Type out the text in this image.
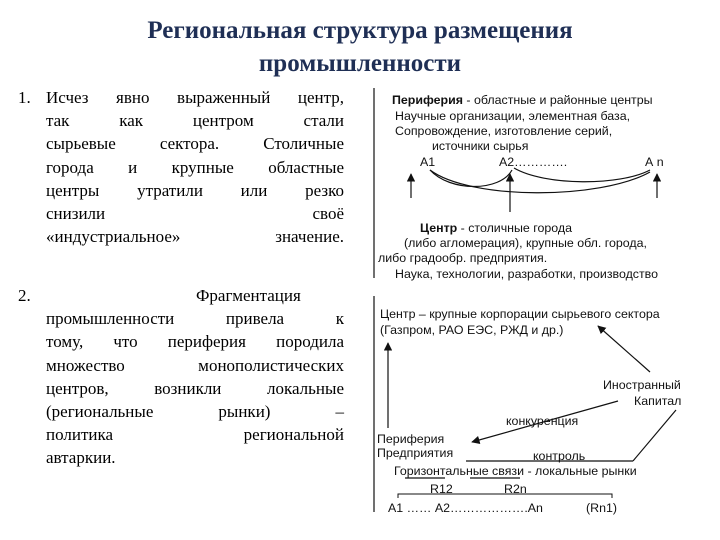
Региональная структура размещения
промышленности
1. Исчез явно выраженный центр,
так как центром стали
сырьевые сектора. Столичные
города и крупные областные
центры утратили или резко
снизили своё
«индустриальное» значение.
2.	Фрагментация
промышленности привела к
тому, что периферия породила
множество монополистических
центров, возникли локальные
(региональные рынки) –
политика региональной
автаркии.
Периферия - областные и районные центры
Научные организации, элементная база,
Сопровождение, изготовление серий,
источники сырья
А1	А2………….	А n
Центр - столичные города
(либо агломерация), крупные обл. города,
либо градообр. предприятия.
Наука, технологии, разработки, производство
Центр – крупные корпорации сырьевого сектора
(Газпром, РАО ЕЭС, РЖД и др.)
Иностранный
Капитал
конкуренция
Периферия
Предприятия	контроль
Горизонтальные связи - локальные рынки
R12	R2n
А1 …… А2……………….Аn	(Rn1)
